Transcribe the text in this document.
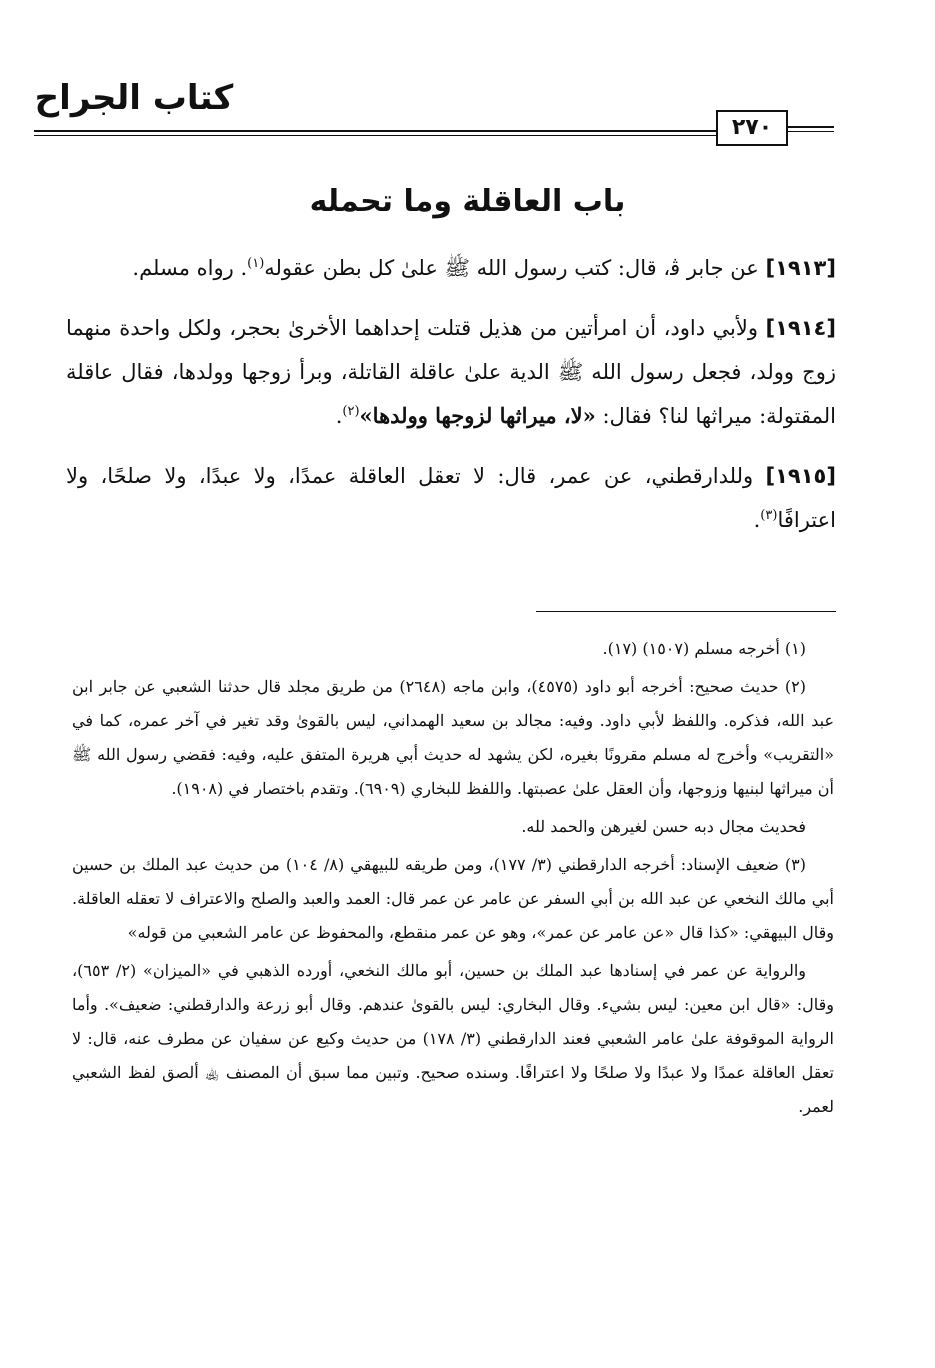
كتاب الجراح
٢٧٠
باب العاقلة وما تحمله

[١٩١٣] عن جابر ﭬ، قال: كتب رسول الله ﷺ علىٰ كل بطن عقوله$^{(١)}$. رواه مسلم.

[١٩١٤] ولأبي داود، أن امرأتين من هذيل قتلت إحداهما الأخرىٰ بحجر، ولكل واحدة منهما زوج وولد، فجعل رسول الله ﷺ الدية علىٰ عاقلة القاتلة، وبرأ زوجها وولدها، فقال عاقلة المقتولة: ميراثها لنا؟ فقال: «لا، ميراثها لزوجها وولدها»$^{(٢)}$.

[١٩١٥] وللدارقطني، عن عمر، قال: لا تعقل العاقلة عمدًا، ولا عبدًا، ولا صلحًا، ولا اعترافًا$^{(٣)}$.

(١) أخرجه مسلم (١٥٠٧) (١٧).

(٢) حديث صحيح: أخرجه أبو داود (٤٥٧٥)، وابن ماجه (٢٦٤٨) من طريق مجلد قال حدثنا الشعبي عن جابر ابن عبد الله، فذكره. واللفظ لأبي داود. وفيه: مجالد بن سعيد الهمداني، ليس بالقوىٰ وقد تغير في آخر عمره، كما في «التقريب» وأخرج له مسلم مقرونًا بغيره، لكن يشهد له حديث أبي هريرة المتفق عليه، وفيه: فقضي رسول الله ﷺ أن ميراثها لبنيها وزوجها، وأن العقل علىٰ عصبتها. واللفظ للبخاري (٦٩٠٩). وتقدم باختصار في (١٩٠٨).

فحديث مجال دبه حسن لغيرهن والحمد لله.

(٣) ضعيف الإسناد: أخرجه الدارقطني (٣/ ١٧٧)، ومن طريقه للبيهقي (٨/ ١٠٤) من حديث عبد الملك بن حسين أبي مالك النخعي عن عبد الله بن أبي السفر عن عامر عن عمر قال: العمد والعبد والصلح والاعتراف لا تعقله العاقلة. وقال البيهقي: «كذا قال «عن عامر عن عمر»، وهو عن عمر منقطع، والمحفوظ عن عامر الشعبي من قوله»

والرواية عن عمر في إسنادها عبد الملك بن حسين، أبو مالك النخعي، أورده الذهبي في «الميزان» (٢/ ٦٥٣)، وقال: «قال ابن معين: ليس بشيء. وقال البخاري: ليس بالقوىٰ عندهم. وقال أبو زرعة والدارقطني: ضعيف». وأما الرواية الموقوفة علىٰ عامر الشعبي فعند الدارقطني (٣/ ١٧٨) من حديث وكيع عن سفيان عن مطرف عنه، قال: لا تعقل العاقلة عمدًا ولا عبدًا ولا صلحًا ولا اعترافًا. وسنده صحيح. وتبين مما سبق أن المصنف ﵀ ألصق لفظ الشعبي لعمر.
